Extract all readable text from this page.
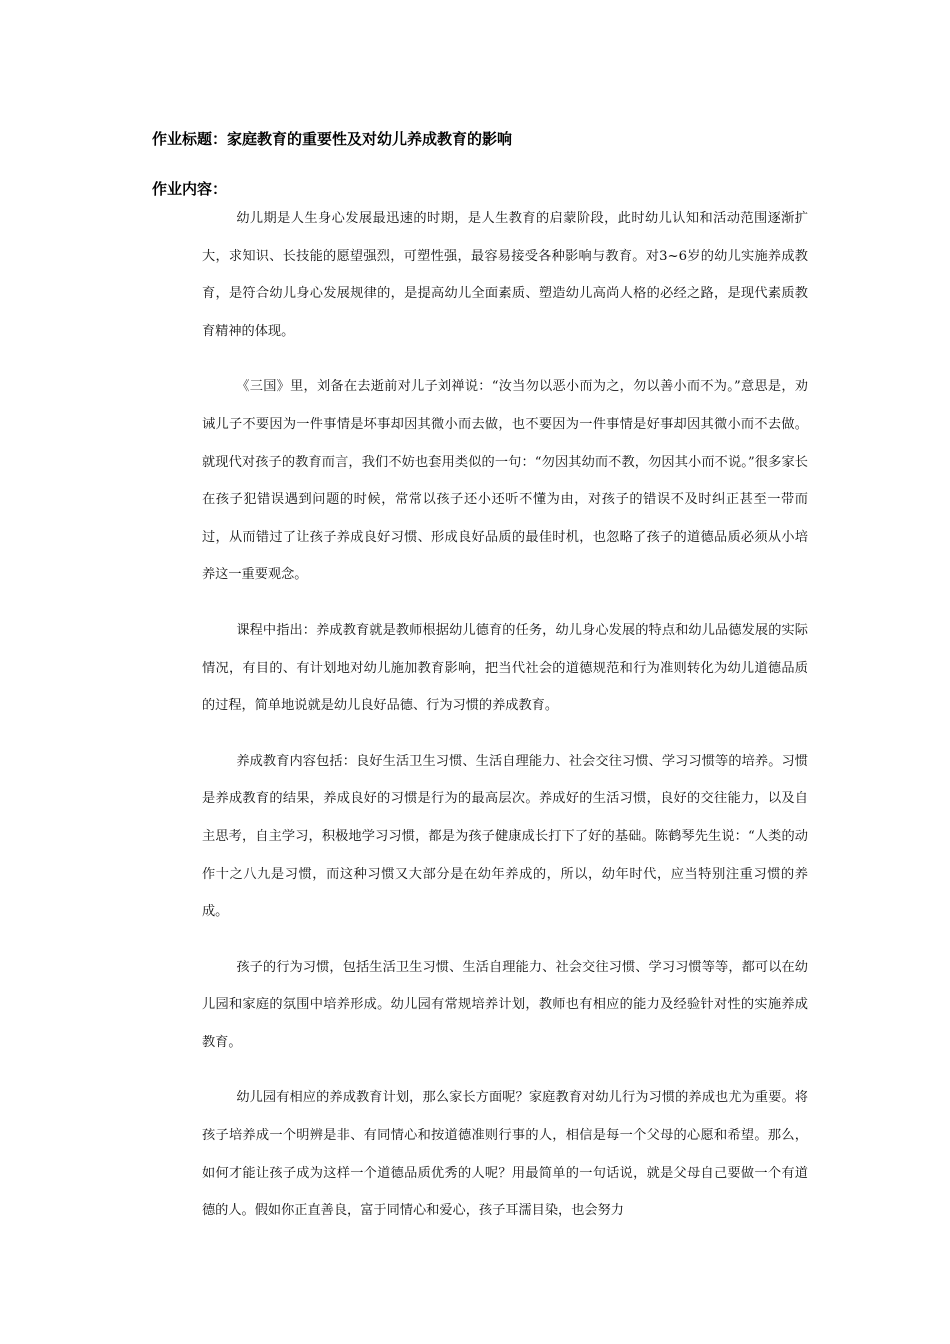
作业标题：家庭教育的重要性及对幼儿养成教育的影响
作业内容：

幼儿期是人生身心发展最迅速的时期，是人生教育的启蒙阶段，此时幼儿认知和活动范围逐渐扩大，求知识、长技能的愿望强烈，可塑性强，最容易接受各种影响与教育。对3~6岁的幼儿实施养成教育，是符合幼儿身心发展规律的，是提高幼儿全面素质、塑造幼儿高尚人格的必经之路，是现代素质教育精神的体现。

《三国》里，刘备在去逝前对儿子刘禅说：“汝当勿以恶小而为之，勿以善小而不为。”意思是，劝诫儿子不要因为一件事情是坏事却因其微小而去做，也不要因为一件事情是好事却因其微小而不去做。就现代对孩子的教育而言，我们不妨也套用类似的一句：“勿因其幼而不教，勿因其小而不说。”很多家长在孩子犯错误遇到问题的时候，常常以孩子还小还听不懂为由，对孩子的错误不及时纠正甚至一带而过，从而错过了让孩子养成良好习惯、形成良好品质的最佳时机，也忽略了孩子的道德品质必须从小培养这一重要观念。

课程中指出：养成教育就是教师根据幼儿德育的任务，幼儿身心发展的特点和幼儿品德发展的实际情况，有目的、有计划地对幼儿施加教育影响，把当代社会的道德规范和行为准则转化为幼儿道德品质的过程，简单地说就是幼儿良好品德、行为习惯的养成教育。

养成教育内容包括：良好生活卫生习惯、生活自理能力、社会交往习惯、学习习惯等的培养。习惯是养成教育的结果，养成良好的习惯是行为的最高层次。养成好的生活习惯，良好的交往能力，以及自主思考，自主学习，积极地学习习惯，都是为孩子健康成长打下了好的基础。陈鹤琴先生说：“人类的动作十之八九是习惯，而这种习惯又大部分是在幼年养成的，所以，幼年时代，应当特别注重习惯的养成。

孩子的行为习惯，包括生活卫生习惯、生活自理能力、社会交往习惯、学习习惯等等，都可以在幼儿园和家庭的氛围中培养形成。幼儿园有常规培养计划，教师也有相应的能力及经验针对性的实施养成教育。

幼儿园有相应的养成教育计划，那么家长方面呢？家庭教育对幼儿行为习惯的养成也尤为重要。将孩子培养成一个明辨是非、有同情心和按道德准则行事的人，相信是每一个父母的心愿和希望。那么，如何才能让孩子成为这样一个道德品质优秀的人呢？用最简单的一句话说，就是父母自己要做一个有道德的人。假如你正直善良，富于同情心和爱心，孩子耳濡目染，也会努力
